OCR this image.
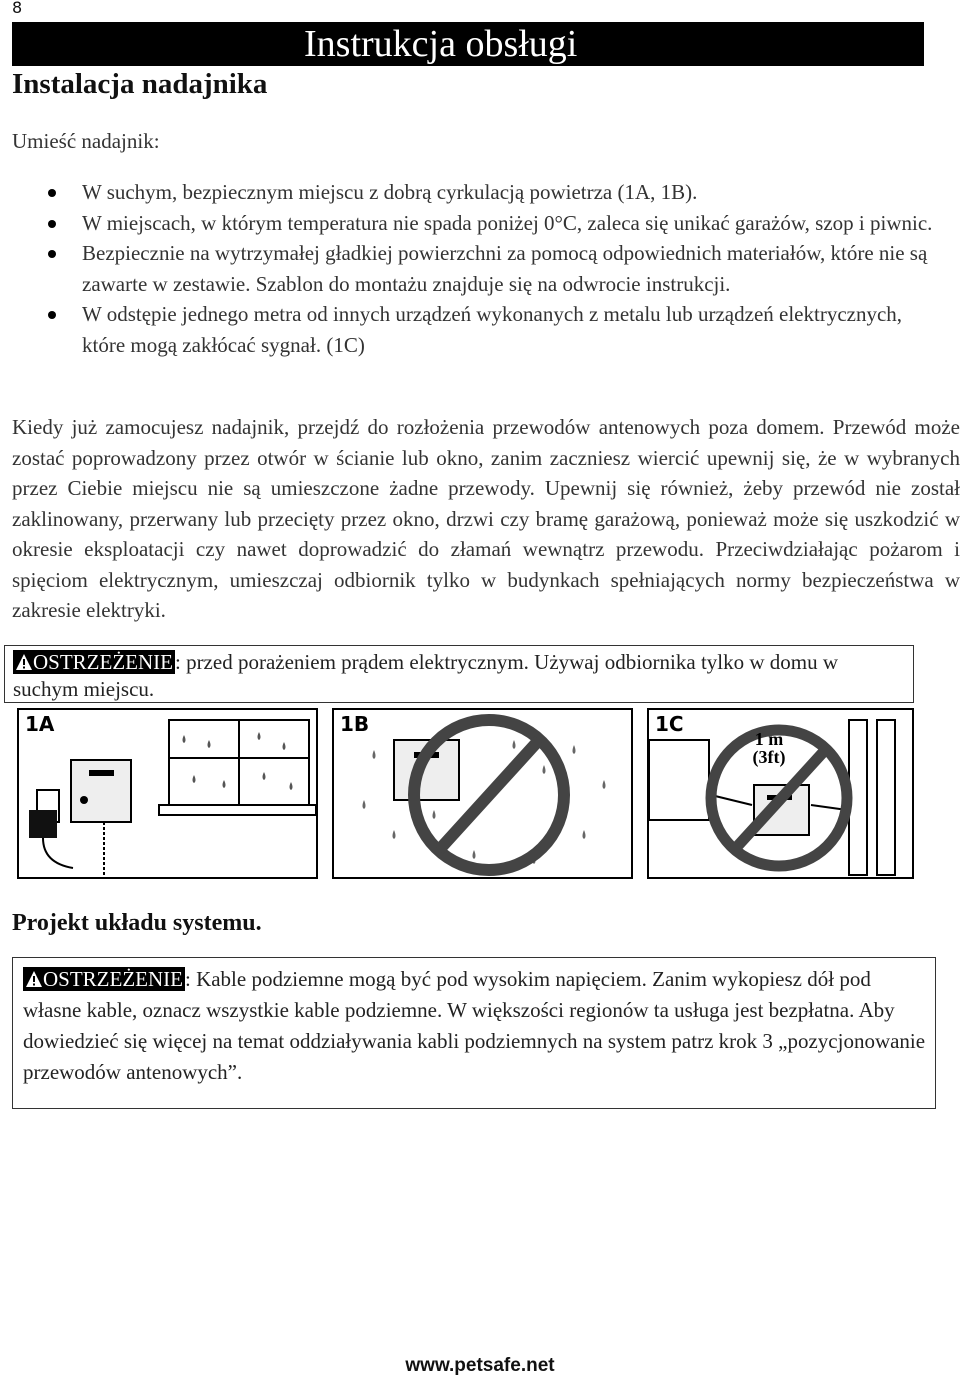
8
Instrukcja obsługi
Instalacja nadajnika
Umieść nadajnik:
W suchym, bezpiecznym miejscu z dobrą cyrkulacją powietrza (1A, 1B).
W miejscach, w którym temperatura nie spada poniżej 0°C, zaleca się unikać garażów, szop i piwnic.
Bezpiecznie na wytrzymałej gładkiej powierzchni za pomocą odpowiednich materiałów, które nie są zawarte w zestawie. Szablon do montażu znajduje się na odwrocie instrukcji.
W odstępie jednego metra od innych urządzeń wykonanych z metalu lub urządzeń elektrycznych, które mogą zakłócać sygnał. (1C)
Kiedy już zamocujesz nadajnik, przejdź do rozłożenia przewodów antenowych poza domem. Przewód może zostać poprowadzony przez otwór w ścianie lub okno, zanim zaczniesz wiercić upewnij się, że w wybranych przez Ciebie miejscu nie są umieszczone żadne przewody. Upewnij się również, żeby przewód nie został zaklinowany, przerwany lub przecięty przez okno, drzwi czy bramę garażową, ponieważ może się uszkodzić w okresie eksploatacji czy nawet doprowadzić do złamań wewnątrz przewodu. Przeciwdziałając pożarom i spięciom elektrycznym, umieszczaj odbiornik tylko w budynkach spełniających normy bezpieczeństwa w zakresie elektryki.
OSTRZEŻENIE: przed porażeniem prądem elektrycznym. Używaj odbiornika tylko w domu w suchym miejscu.
1A	1B	1C
1 m
(3ft)
Projekt układu systemu.
OSTRZEŻENIE: Kable podziemne mogą być pod wysokim napięciem. Zanim wykopiesz dół pod własne kable, oznacz wszystkie kable podziemne. W większości regionów ta usługa jest bezpłatna. Aby dowiedzieć się więcej na temat oddziaływania kabli podziemnych na system patrz krok 3 „pozycjonowanie przewodów antenowych”.
www.petsafe.net
